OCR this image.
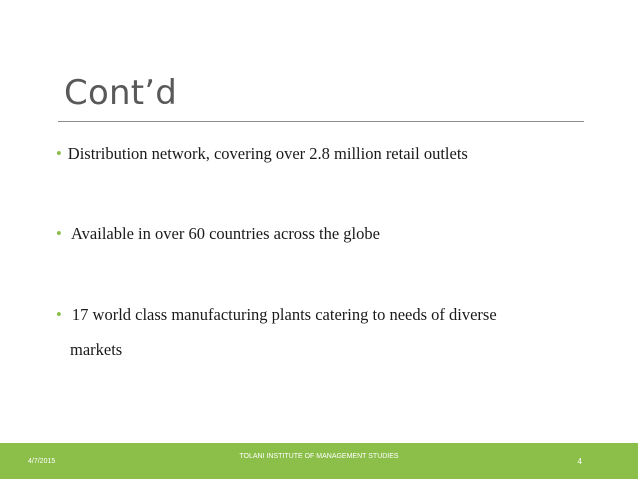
Cont’d
• Distribution network, covering over 2.8 million retail outlets
• Available in over 60 countries across the globe
• 17 world class manufacturing plants catering to needs of diverse
markets
4/7/2015
TOLANI INSTITUTE OF MANAGEMENT STUDIES
4
